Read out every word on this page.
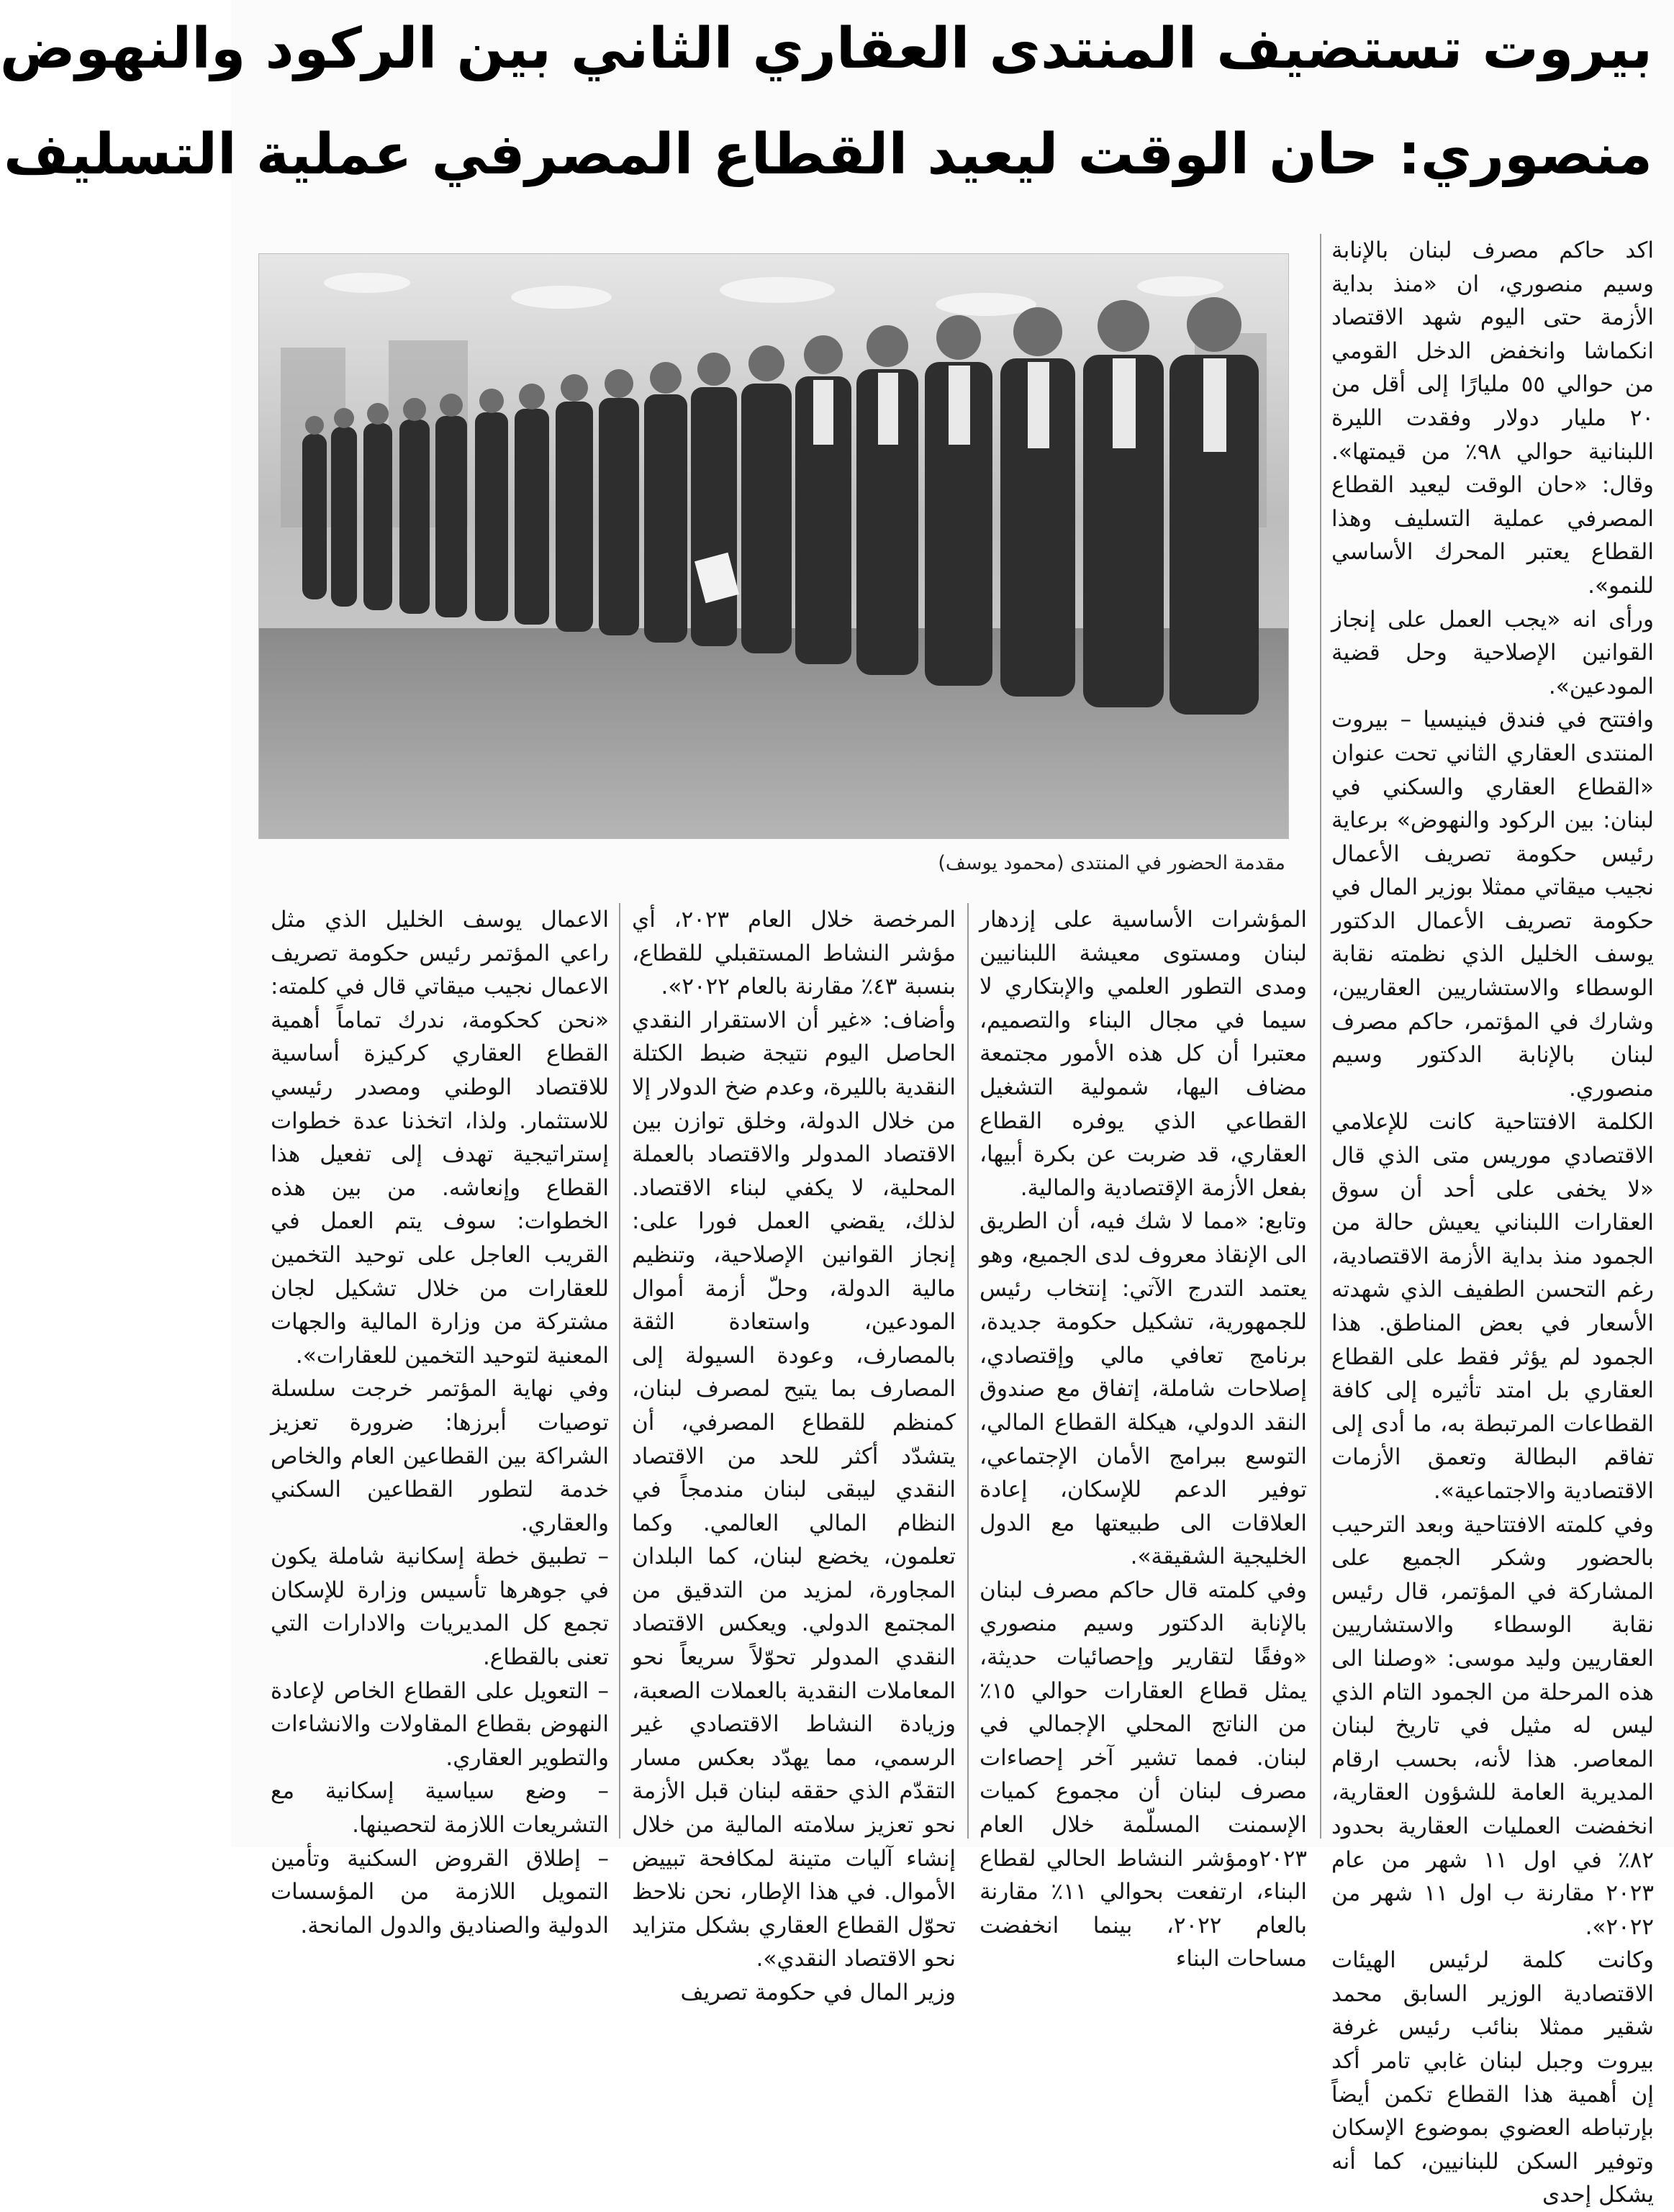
بيروت تستضيف المنتدى العقاري الثاني بين الركود والنهوض
منصوري: حان الوقت ليعيد القطاع المصرفي عملية التسليف
مقدمة الحضور في المنتدى (محمود يوسف)

اكد حاكم مصرف لبنان بالإنابة وسيم منصوري، ان «منذ بداية الأزمة حتى اليوم شهد الاقتصاد انكماشا وانخفض الدخل القومي من حوالي ٥٥ مليارًا إلى أقل من ٢٠ مليار دولار وفقدت الليرة اللبنانية حوالي ٩٨٪ من قيمتها». وقال: «حان الوقت ليعيد القطاع المصرفي عملية التسليف وهذا القطاع يعتبر المحرك الأساسي للنمو».
ورأى انه «يجب العمل على إنجاز القوانين الإصلاحية وحل قضية المودعين».
وافتتح في فندق فينيسيا – بيروت المنتدى العقاري الثاني تحت عنوان «القطاع العقاري والسكني في لبنان: بين الركود والنهوض» برعاية رئيس حكومة تصريف الأعمال نجيب ميقاتي ممثلا بوزير المال في حكومة تصريف الأعمال الدكتور يوسف الخليل الذي نظمته نقابة الوسطاء والاستشاريين العقاريين، وشارك في المؤتمر، حاكم مصرف لبنان بالإنابة الدكتور وسيم منصوري.
الكلمة الافتتاحية كانت للإعلامي الاقتصادي موريس متى الذي قال «لا يخفى على أحد أن سوق العقارات اللبناني يعيش حالة من الجمود منذ بداية الأزمة الاقتصادية، رغم التحسن الطفيف الذي شهدته الأسعار في بعض المناطق. هذا الجمود لم يؤثر فقط على القطاع العقاري بل امتد تأثيره إلى كافة القطاعات المرتبطة به، ما أدى إلى تفاقم البطالة وتعمق الأزمات الاقتصادية والاجتماعية».
وفي كلمته الافتتاحية وبعد الترحيب بالحضور وشكر الجميع على المشاركة في المؤتمر، قال رئيس نقابة الوسطاء والاستشاريين العقاريين وليد موسى: «وصلنا الى هذه المرحلة من الجمود التام الذي ليس له مثيل في تاريخ لبنان المعاصر. هذا لأنه، بحسب ارقام المديرية العامة للشؤون العقارية، انخفضت العمليات العقارية بحدود ٨٢٪ في اول ١١ شهر من عام ٢٠٢٣ مقارنة ب اول ١١ شهر من ٢٠٢٢».
وكانت كلمة لرئيس الهيئات الاقتصادية الوزير السابق محمد شقير ممثلا بنائب رئيس غرفة بيروت وجبل لبنان غابي تامر أكد إن أهمية هذا القطاع تكمن أيضاً بإرتباطه العضوي بموضوع الإسكان وتوفير السكن للبنانيين، كما أنه يشكل إحدى

المؤشرات الأساسية على إزدهار لبنان ومستوى معيشة اللبنانيين ومدى التطور العلمي والإبتكاري لا سيما في مجال البناء والتصميم، معتبرا أن كل هذه الأمور مجتمعة مضاف اليها، شمولية التشغيل القطاعي الذي يوفره القطاع العقاري، قد ضربت عن بكرة أبيها، بفعل الأزمة الإقتصادية والمالية.
وتابع: «مما لا شك فيه، أن الطريق الى الإنقاذ معروف لدى الجميع، وهو يعتمد التدرج الآتي: إنتخاب رئيس للجمهورية، تشكيل حكومة جديدة، برنامج تعافي مالي وإقتصادي، إصلاحات شاملة، إتفاق مع صندوق النقد الدولي، هيكلة القطاع المالي، التوسع ببرامج الأمان الإجتماعي، توفير الدعم للإسكان، إعادة العلاقات الى طبيعتها مع الدول الخليجية الشقيقة».
وفي كلمته قال حاكم مصرف لبنان بالإنابة الدكتور وسيم منصوري «وفقًا لتقارير وإحصائيات حديثة، يمثل قطاع العقارات حوالي ١٥٪ من الناتج المحلي الإجمالي في لبنان. فمما تشير آخر إحصاءات مصرف لبنان أن مجموع كميات الإسمنت المسلّمة خلال العام ٢٠٢٣ومؤشر النشاط الحالي لقطاع البناء، ارتفعت بحوالي ١١٪ مقارنة بالعام ٢٠٢٢، بينما انخفضت مساحات البناء

المرخصة خلال العام ٢٠٢٣، أي مؤشر النشاط المستقبلي للقطاع، بنسبة ٤٣٪ مقارنة بالعام ٢٠٢٢».
وأضاف: «غير أن الاستقرار النقدي الحاصل اليوم نتيجة ضبط الكتلة النقدية بالليرة، وعدم ضخ الدولار إلا من خلال الدولة، وخلق توازن بين الاقتصاد المدولر والاقتصاد بالعملة المحلية، لا يكفي لبناء الاقتصاد. لذلك، يقضي العمل فورا على: إنجاز القوانين الإصلاحية، وتنظيم مالية الدولة، وحلّ أزمة أموال المودعين، واستعادة الثقة بالمصارف، وعودة السيولة إلى المصارف بما يتيح لمصرف لبنان، كمنظم للقطاع المصرفي، أن يتشدّد أكثر للحد من الاقتصاد النقدي ليبقى لبنان مندمجاً في النظام المالي العالمي. وكما تعلمون، يخضع لبنان، كما البلدان المجاورة، لمزيد من التدقيق من المجتمع الدولي. ويعكس الاقتصاد النقدي المدولر تحوّلاً سريعاً نحو المعاملات النقدية بالعملات الصعبة، وزيادة النشاط الاقتصادي غير الرسمي، مما يهدّد بعكس مسار التقدّم الذي حققه لبنان قبل الأزمة نحو تعزيز سلامته المالية من خلال إنشاء آليات متينة لمكافحة تبييض الأموال. في هذا الإطار، نحن نلاحظ تحوّل القطاع العقاري بشكل متزايد نحو الاقتصاد النقدي».
وزير المال في حكومة تصريف

الاعمال يوسف الخليل الذي مثل راعي المؤتمر رئيس حكومة تصريف الاعمال نجيب ميقاتي قال في كلمته: «نحن كحكومة، ندرك تماماً أهمية القطاع العقاري كركيزة أساسية للاقتصاد الوطني ومصدر رئيسي للاستثمار. ولذا، اتخذنا عدة خطوات إستراتيجية تهدف إلى تفعيل هذا القطاع وإنعاشه. من بين هذه الخطوات: سوف يتم العمل في القريب العاجل على توحيد التخمين للعقارات من خلال تشكيل لجان مشتركة من وزارة المالية والجهات المعنية لتوحيد التخمين للعقارات».
وفي نهاية المؤتمر خرجت سلسلة توصيات أبرزها: ضرورة تعزيز الشراكة بين القطاعين العام والخاص خدمة لتطور القطاعين السكني والعقاري.
– تطبيق خطة إسكانية شاملة يكون في جوهرها تأسيس وزارة للإسكان تجمع كل المديريات والادارات التي تعنى بالقطاع.
– التعويل على القطاع الخاص لإعادة النهوض بقطاع المقاولات والانشاءات والتطوير العقاري.
– وضع سياسية إسكانية مع التشريعات اللازمة لتحصينها.
– إطلاق القروض السكنية وتأمين التمويل اللازمة من المؤسسات الدولية والصناديق والدول المانحة.
